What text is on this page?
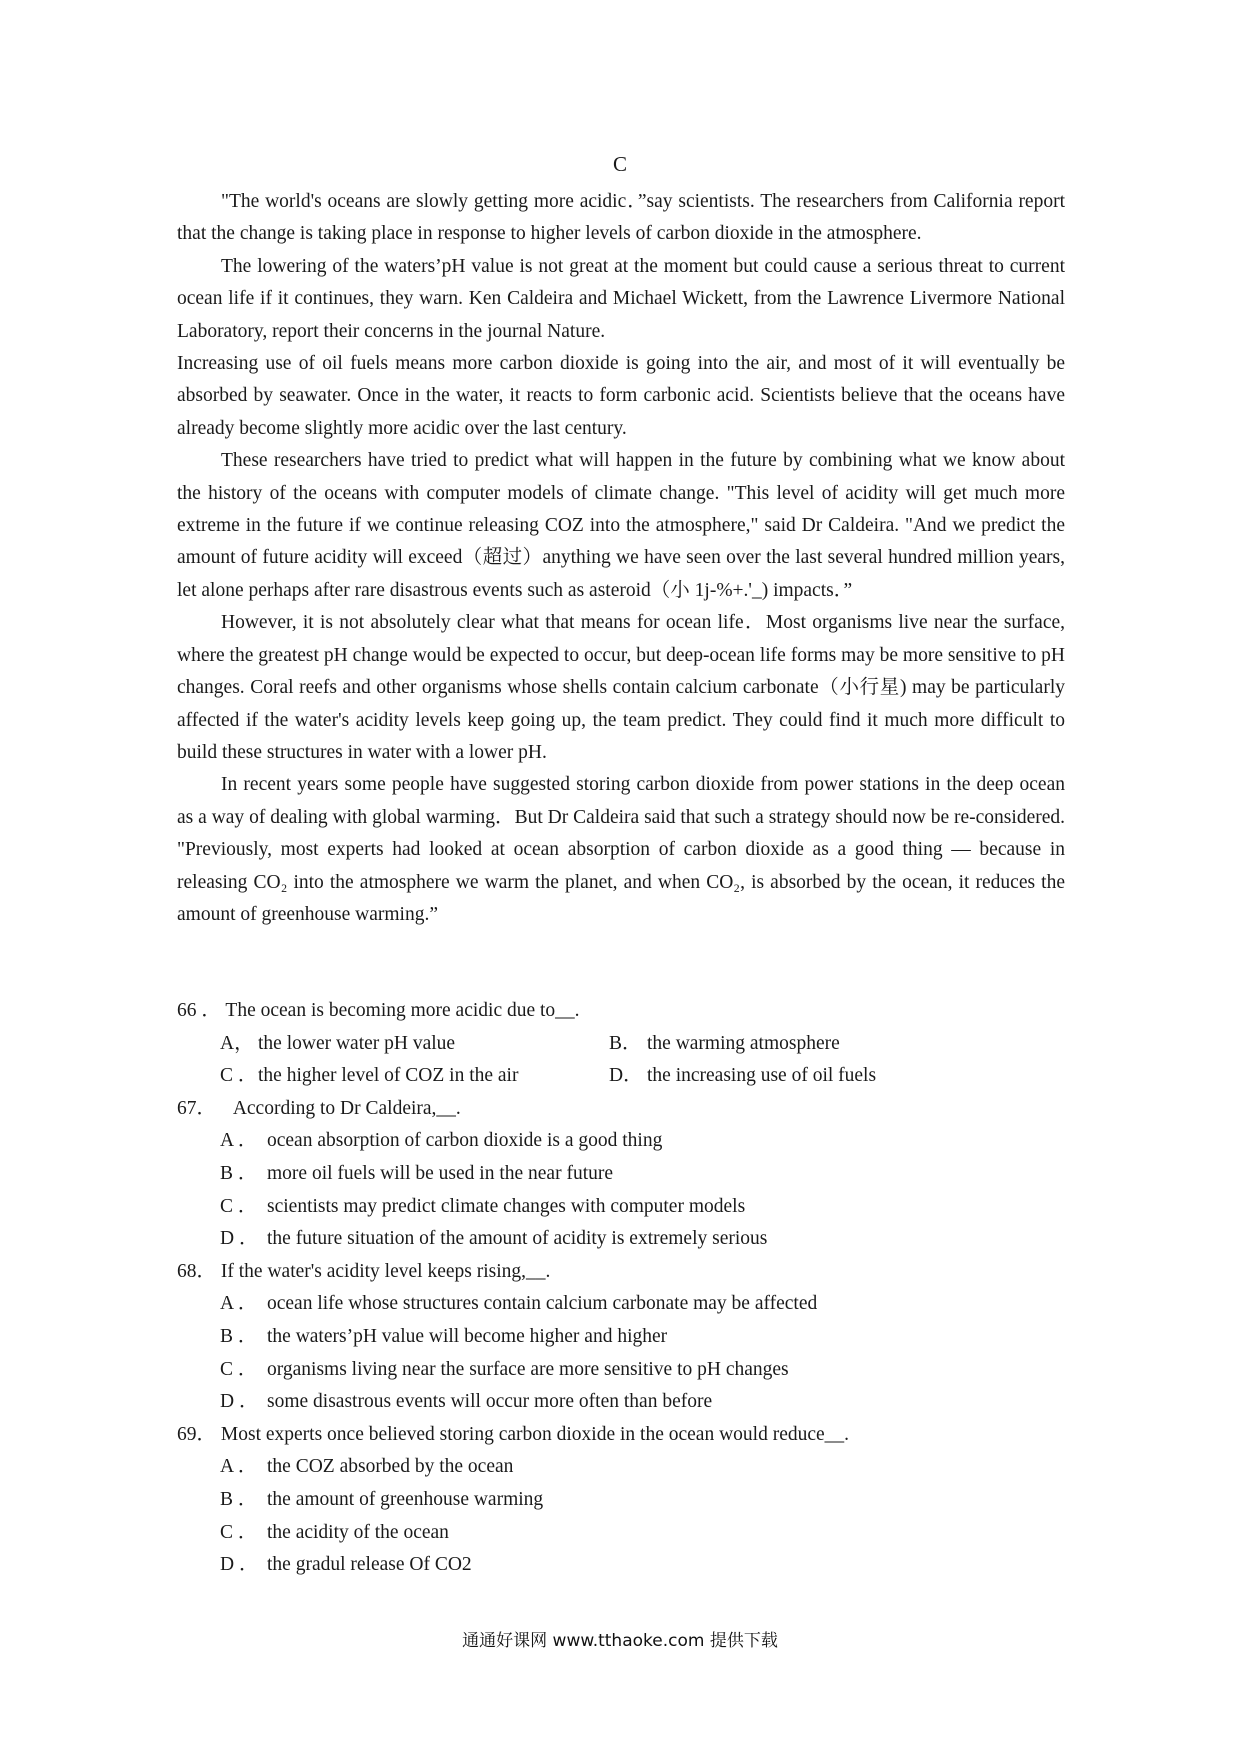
C

"The world's oceans are slowly getting more acidic．”say scientists. The researchers from California report that the change is taking place in response to higher levels of carbon dioxide in the atmosphere.

The lowering of the waters’pH value is not great at the moment but could cause a serious threat to current ocean life if it continues, they warn. Ken Caldeira and Michael Wickett, from the Lawrence Livermore National Laboratory, report their concerns in the journal Nature.

Increasing use of oil fuels means more carbon dioxide is going into the air, and most of it will eventually be absorbed by seawater. Once in the water, it reacts to form carbonic acid. Scientists believe that the oceans have already become slightly more acidic over the last century.

These researchers have tried to predict what will happen in the future by combining what we know about the history of the oceans with computer models of climate change. "This level of acidity will get much more extreme in the future if we continue releasing COZ into the atmosphere," said Dr Caldeira. "And we predict the amount of future acidity will exceed（超过）anything we have seen over the last several hundred million years, let alone perhaps after rare disastrous events such as asteroid（小 1j-%+.'_) impacts．”

However, it is not absolutely clear what that means for ocean life．Most organisms live near the surface, where the greatest pH change would be expected to occur, but deep-ocean life forms may be more sensitive to pH changes. Coral reefs and other organisms whose shells contain calcium carbonate（小行星) may be particularly affected if the water's acidity levels keep going up, the team predict. They could find it much more difficult to build these structures in water with a lower pH.

In recent years some people have suggested storing carbon dioxide from power stations in the deep ocean as a way of dealing with global warming．But Dr Caldeira said that such a strategy should now be re-considered. "Previously, most experts had looked at ocean absorption of carbon dioxide as a good thing — because in releasing CO₂ into the atmosphere we warm the planet, and when CO₂, is absorbed by the ocean, it reduces the amount of greenhouse warming.”

66 ． The ocean is becoming more acidic due to__.

A， the lower water pH value	B． the warming atmosphere
C ．the higher level of COZ in the air	D． the increasing use of oil fuels

67． According to Dr Caldeira,__.

A ． ocean absorption of carbon dioxide is a good thing
B ． more oil fuels will be used in the near future
C ． scientists may predict climate changes with computer models
D ． the future situation of the amount of acidity is extremely serious

68． If the water's acidity level keeps rising,__.

A ． ocean life whose structures contain calcium carbonate may be affected
B ． the waters’pH value will become higher and higher
C ． organisms living near the surface are more sensitive to pH changes
D ． some disastrous events will occur more often than before

69． Most experts once believed storing carbon dioxide in the ocean would reduce__.

A ． the COZ absorbed by the ocean
B ． the amount of greenhouse warming
C ． the acidity of the ocean
D ． the gradul release Of CO2
通通好课网 www.tthaoke.com 提供下载
